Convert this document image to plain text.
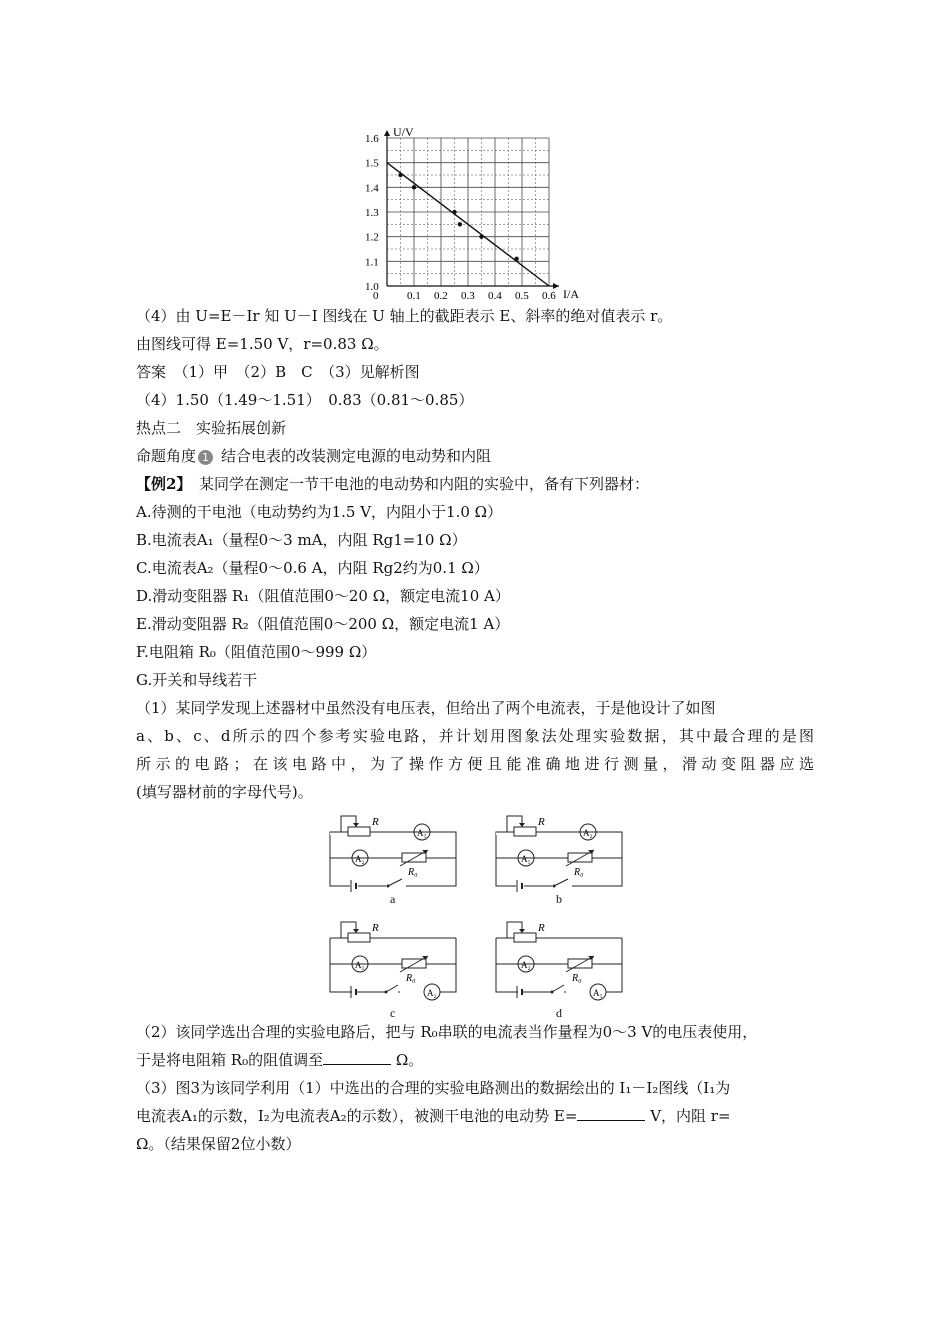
0	0.1 0.2 0.3 0.4 0.5 0.6
1.0
1.1
1.2
1.3
1.4
1.5
1.6 U/V
I/A
（4）由 U=E－Ir 知 U－I 图线在 U 轴上的截距表示 E、斜率的绝对值表示 r。
由图线可得 E=1.50 V，r=0.83 Ω。
答案　（1）甲　（2）B　C　（3）见解析图
（4）1.50（1.49～1.51）　0.83（0.81～0.85）
热点二　实验拓展创新
命题角度 1 结合电表的改装测定电源的电动势和内阻
【例2】　某同学在测定一节干电池的电动势和内阻的实验中，备有下列器材：
A.待测的干电池（电动势约为1.5 V，内阻小于1.0 Ω）
B.电流表A₁（量程0～3 mA，内阻 Rg1=10 Ω）
C.电流表A₂（量程0～0.6 A，内阻 Rg2约为0.1 Ω）
D.滑动变阻器 R₁（阻值范围0～20 Ω，额定电流10 A）
E.滑动变阻器 R₂（阻值范围0～200 Ω，额定电流1 A）
F.电阻箱 R₀（阻值范围0～999 Ω）
G.开关和导线若干
（1）某同学发现上述器材中虽然没有电压表，但给出了两个电流表，于是他设计了如图
a、b、c、d所示的四个参考实验电路，并计划用图象法处理实验数据，其中最合理的是图
所示的电路；在该电路中，为了操作方便且能准确地进行测量，滑动变阻器应选
(填写器材前的字母代号)。
R
A₁
A₂
R₀
a
R
A₂
A₁
R₀
b
R
A₁
R₀
A₂
c
R
A₂
R₀
A₁
d
（2）该同学选出合理的实验电路后，把与 R₀串联的电流表当作量程为0～3 V的电压表使用，
于是将电阻箱 R₀的阻值调至	Ω。
（3）图3为该同学利用（1）中选出的合理的实验电路测出的数据绘出的 I₁－I₂图线（I₁为
电流表A₁的示数，I₂为电流表A₂的示数），被测干电池的电动势 E=	V，内阻 r=
Ω。（结果保留2位小数）
